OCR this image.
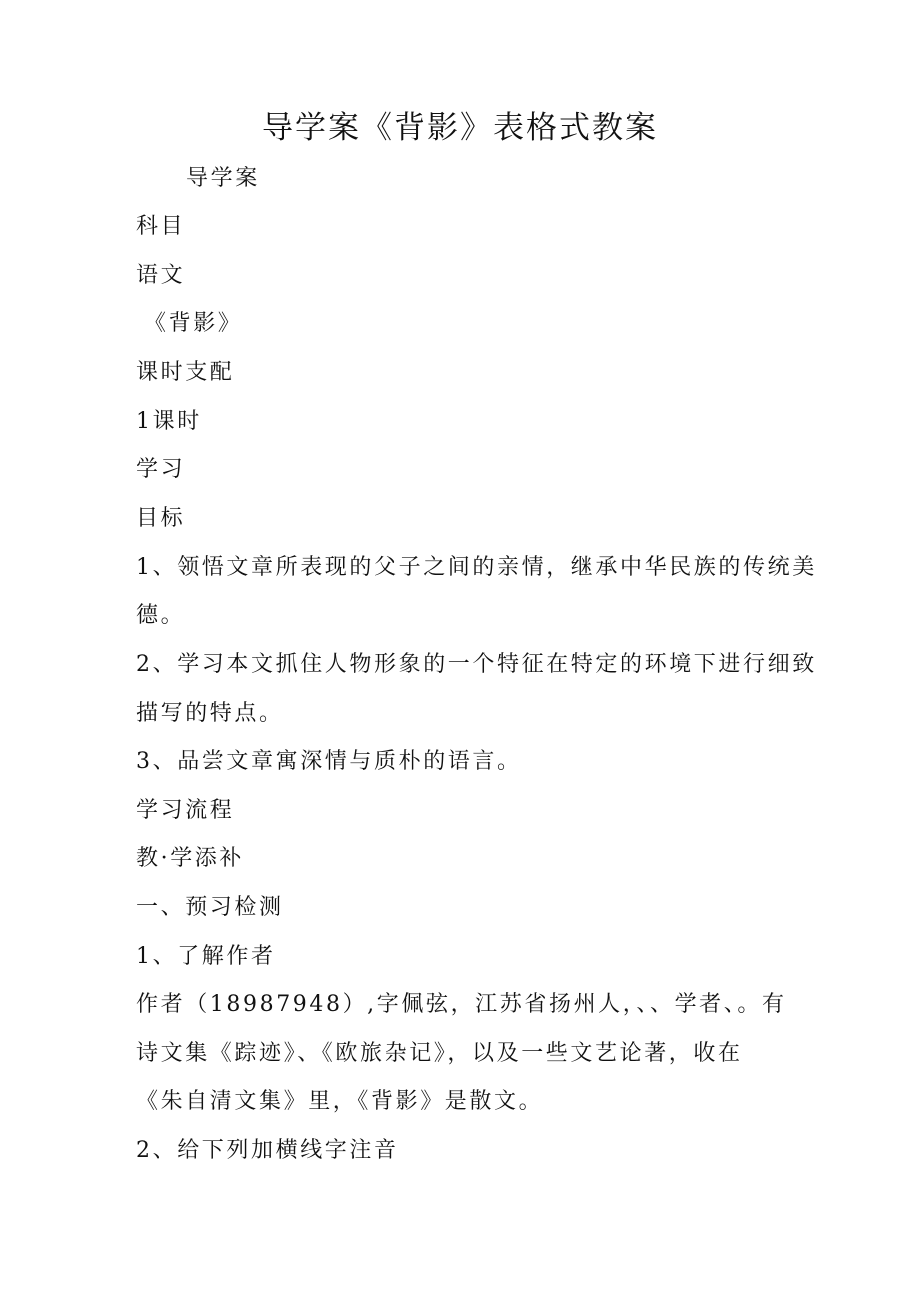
导学案《背影》表格式教案
导学案
科目
语文
《背影》
课时支配
1课时
学习
目标
1、领悟文章所表现的父子之间的亲情，继承中华民族的传统美
德。
2、学习本文抓住人物形象的一个特征在特定的环境下进行细致
描写的特点。
3、品尝文章寓深情与质朴的语言。
学习流程
教·学添补
一、预习检测
1、了解作者
作者（18987948）,字佩弦，江苏省扬州人，、、学者、。有
诗文集《踪迹》、《欧旅杂记》，以及一些文艺论著，收在
《朱自清文集》里，《背影》是散文。
2、给下列加横线字注音
